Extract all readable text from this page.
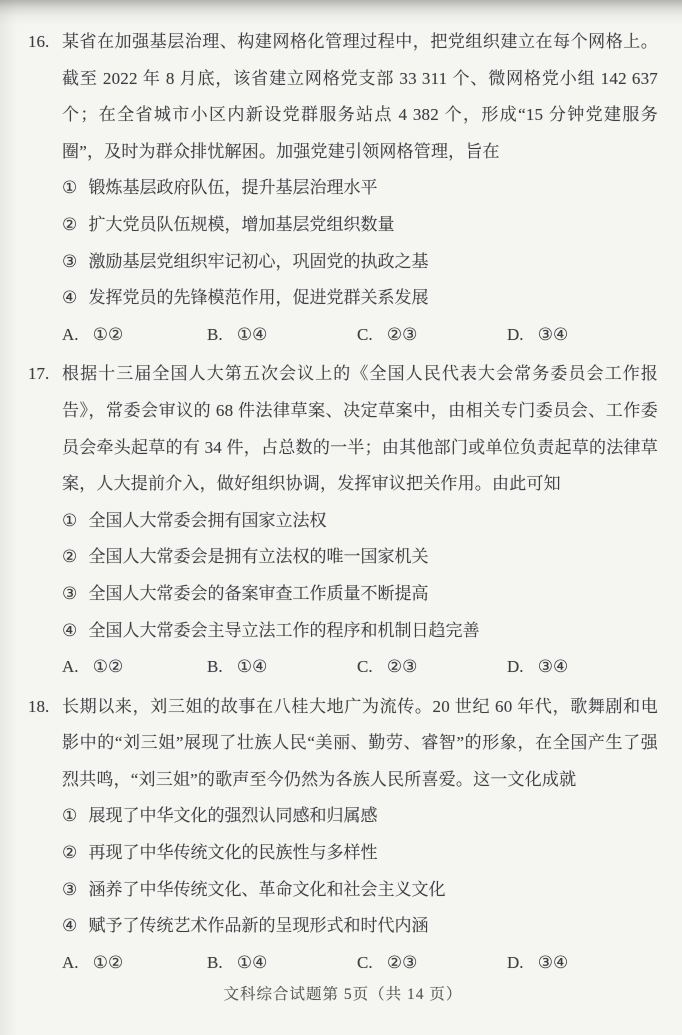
16. 某省在加强基层治理、构建网格化管理过程中，把党组织建立在每个网格上。截至 2022 年 8 月底，该省建立网格党支部 33 311 个、微网格党小组 142 637 个；在全省城市小区内新设党群服务站点 4 382 个，形成“15 分钟党建服务圈”，及时为群众排忧解困。加强党建引领网格管理，旨在

① 锻炼基层政府队伍，提升基层治理水平
② 扩大党员队伍规模，增加基层党组织数量
③ 激励基层党组织牢记初心，巩固党的执政之基
④ 发挥党员的先锋模范作用，促进党群关系发展
A. ①②	B. ①④	C. ②③	D. ③④
17. 根据十三届全国人大第五次会议上的《全国人民代表大会常务委员会工作报告》，常委会审议的 68 件法律草案、决定草案中，由相关专门委员会、工作委员会牵头起草的有 34 件，占总数的一半；由其他部门或单位负责起草的法律草案，人大提前介入，做好组织协调，发挥审议把关作用。由此可知

① 全国人大常委会拥有国家立法权
② 全国人大常委会是拥有立法权的唯一国家机关
③ 全国人大常委会的备案审查工作质量不断提高
④ 全国人大常委会主导立法工作的程序和机制日趋完善
A. ①②	B. ①④	C. ②③	D. ③④
18. 长期以来，刘三姐的故事在八桂大地广为流传。20 世纪 60 年代，歌舞剧和电影中的“刘三姐”展现了壮族人民“美丽、勤劳、睿智”的形象，在全国产生了强烈共鸣，“刘三姐”的歌声至今仍然为各族人民所喜爱。这一文化成就

① 展现了中华文化的强烈认同感和归属感
② 再现了中华传统文化的民族性与多样性
③ 涵养了中华传统文化、革命文化和社会主义文化
④ 赋予了传统艺术作品新的呈现形式和时代内涵
A. ①②	B. ①④	C. ②③	D. ③④
文科综合试题第 5页（共 14 页）
